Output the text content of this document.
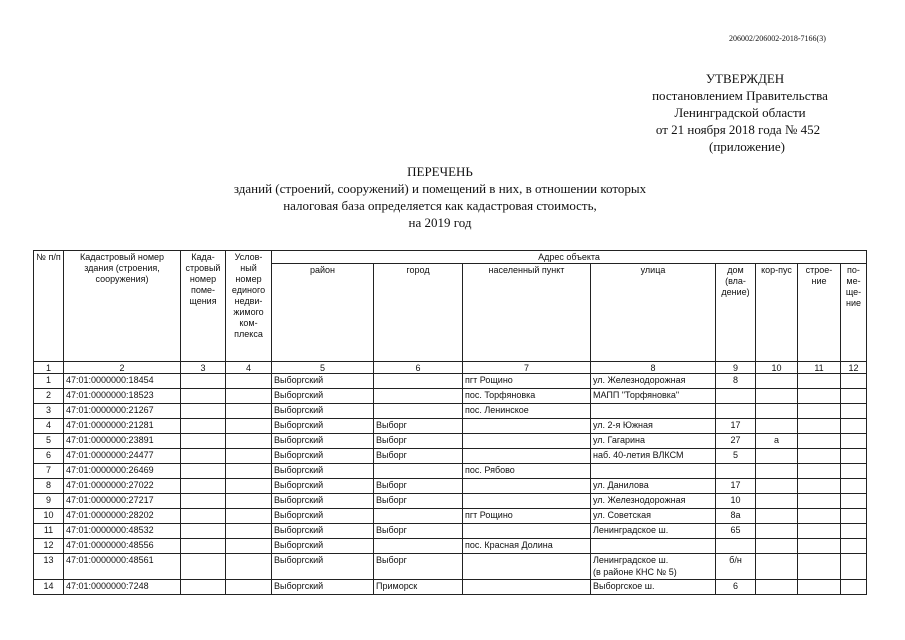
206002/206002-2018-7166(3)
УТВЕРЖДЕН
постановлением Правительства
Ленинградской области
от 21 ноября 2018 года № 452
(приложение)
ПЕРЕЧЕНЬ
зданий (строений, сооружений) и помещений в них, в отношении которых
налоговая база определяется как кадастровая стоимость,
на 2019 год
№ п/п	Кадастровый номер здания (строения, сооружения)	Када-стровый номер поме-щения	Услов-ный номер единого недви-жимого ком-плекса	Адрес объекта							
				район	город	населенный пункт	улица	дом (вла-дение)	кор-пус	строе-ние	по-ме-ще-ние
1	2	3	4	5	6	7	8	9	10	11	12
1	47:01:0000000:18454			Выборгский		пгт Рощино	ул. Железнодорожная	8			
2	47:01:0000000:18523			Выборгский		пос. Торфяновка	МАПП "Торфяновка"				
3	47:01:0000000:21267			Выборгский		пос. Ленинское					
4	47:01:0000000:21281			Выборгский	Выборг		ул. 2-я Южная	17			
5	47:01:0000000:23891			Выборгский	Выборг		ул. Гагарина	27	а		
6	47:01:0000000:24477			Выборгский	Выборг		наб. 40-летия ВЛКСМ	5			
7	47:01:0000000:26469			Выборгский		пос. Рябово					
8	47:01:0000000:27022			Выборгский	Выборг		ул. Данилова	17			
9	47:01:0000000:27217			Выборгский	Выборг		ул. Железнодорожная	10			
10	47:01:0000000:28202			Выборгский		пгт Рощино	ул. Советская	8а			
11	47:01:0000000:48532			Выборгский	Выборг		Ленинградское ш.	65			
12	47:01:0000000:48556			Выборгский		пос. Красная Долина					
13	47:01:0000000:48561			Выборгский	Выборг		Ленинградское ш.
(в районе КНС № 5)	б/н			
14	47:01:0000000:7248			Выборгский	Приморск		Выборгское ш.	6			
